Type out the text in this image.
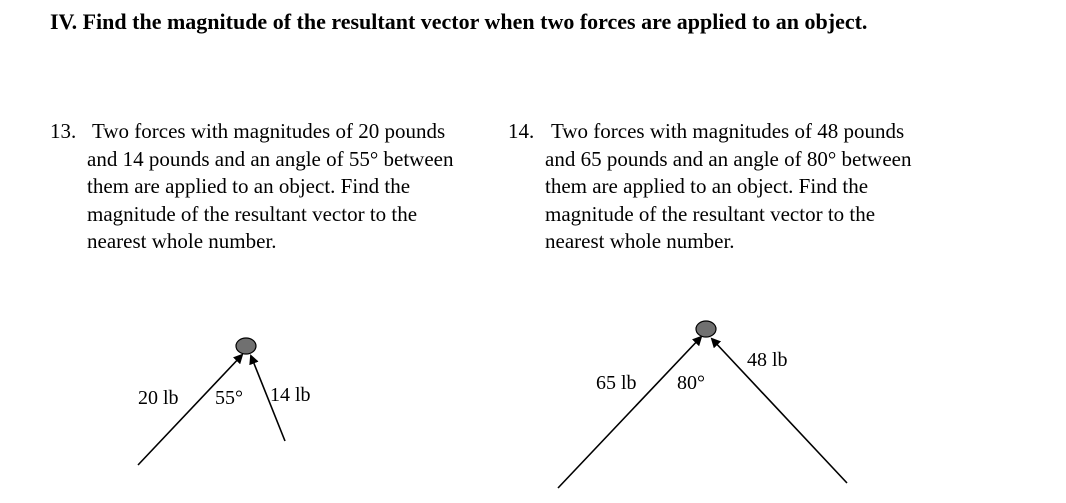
IV. Find the magnitude of the resultant vector when two forces are applied to an object.
13. Two forces with magnitudes of 20 pounds and 14 pounds and an angle of 55° between them are applied to an object. Find the magnitude of the resultant vector to the nearest whole number.
14. Two forces with magnitudes of 48 pounds and 65 pounds and an angle of 80° between them are applied to an object. Find the magnitude of the resultant vector to the nearest whole number.
20 lb 55° 14 lb
65 lb 80°
48 lb
